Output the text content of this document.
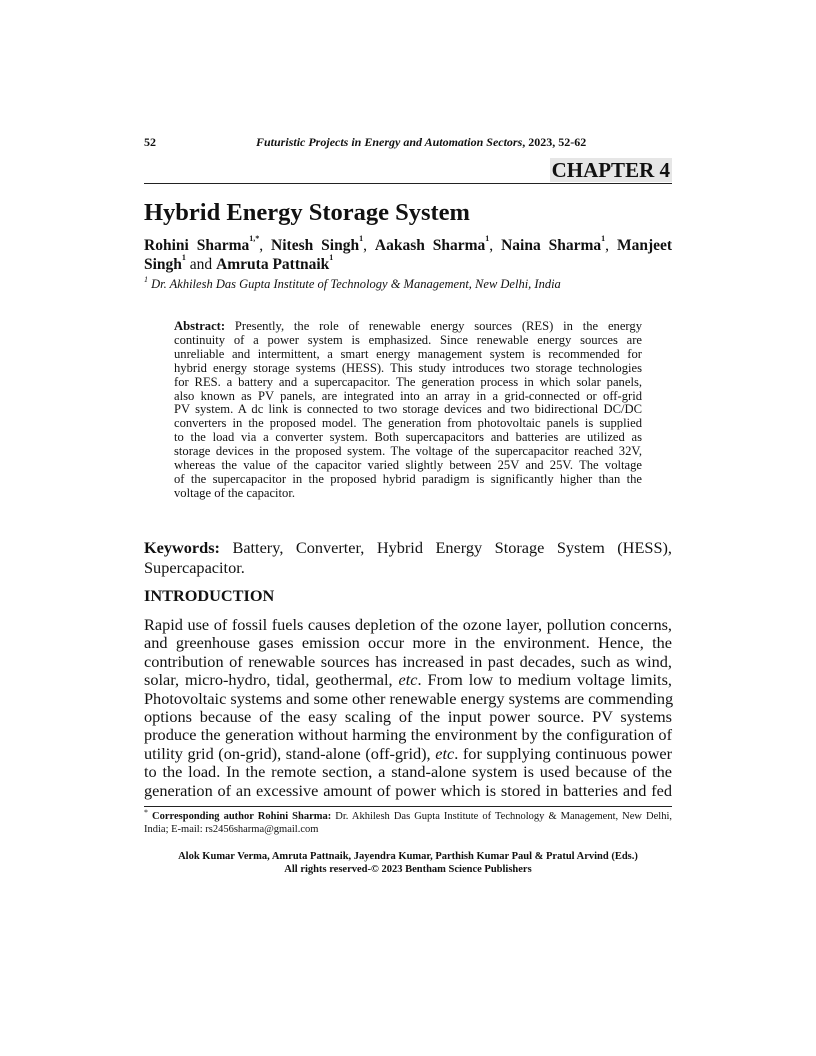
52	Futuristic Projects in Energy and Automation Sectors, 2023, 52-62
CHAPTER 4
Hybrid Energy Storage System
Rohini Sharma$^{1,*}$, Nitesh Singh$^1$, Aakash Sharma$^1$, Naina Sharma$^1$, Manjeet
Singh$^1$ and Amruta Pattnaik$^1$
$^1$ Dr. Akhilesh Das Gupta Institute of Technology & Management, New Delhi, India
Abstract: Presently, the role of renewable energy sources (RES) in the energy
continuity of a power system is emphasized. Since renewable energy sources are
unreliable and intermittent, a smart energy management system is recommended for
hybrid energy storage systems (HESS). This study introduces two storage technologies
for RES. a battery and a supercapacitor. The generation process in which solar panels,
also known as PV panels, are integrated into an array in a grid-connected or off-grid
PV system. A dc link is connected to two storage devices and two bidirectional DC/DC
converters in the proposed model. The generation from photovoltaic panels is supplied
to the load via a converter system. Both supercapacitors and batteries are utilized as
storage devices in the proposed system. The voltage of the supercapacitor reached 32V,
whereas the value of the capacitor varied slightly between 25V and 25V. The voltage
of the supercapacitor in the proposed hybrid paradigm is significantly higher than the
voltage of the capacitor.
Keywords: Battery, Converter, Hybrid Energy Storage System (HESS),
Supercapacitor.
INTRODUCTION
Rapid use of fossil fuels causes depletion of the ozone layer, pollution concerns,
and greenhouse gases emission occur more in the environment. Hence, the
contribution of renewable sources has increased in past decades, such as wind,
solar, micro-hydro, tidal, geothermal, etc. From low to medium voltage limits,
Photovoltaic systems and some other renewable energy systems are commending
options because of the easy scaling of the input power source. PV systems
produce the generation without harming the environment by the configuration of
utility grid (on-grid), stand-alone (off-grid), etc. for supplying continuous power
to the load. In the remote section, a stand-alone system is used because of the
generation of an excessive amount of power which is stored in batteries and fed
* Corresponding author Rohini Sharma: Dr. Akhilesh Das Gupta Institute of Technology & Management, New Delhi, India; E-mail: rs2456sharma@gmail.com
Alok Kumar Verma, Amruta Pattnaik, Jayendra Kumar, Parthish Kumar Paul & Pratul Arvind (Eds.)
All rights reserved-© 2023 Bentham Science Publishers
